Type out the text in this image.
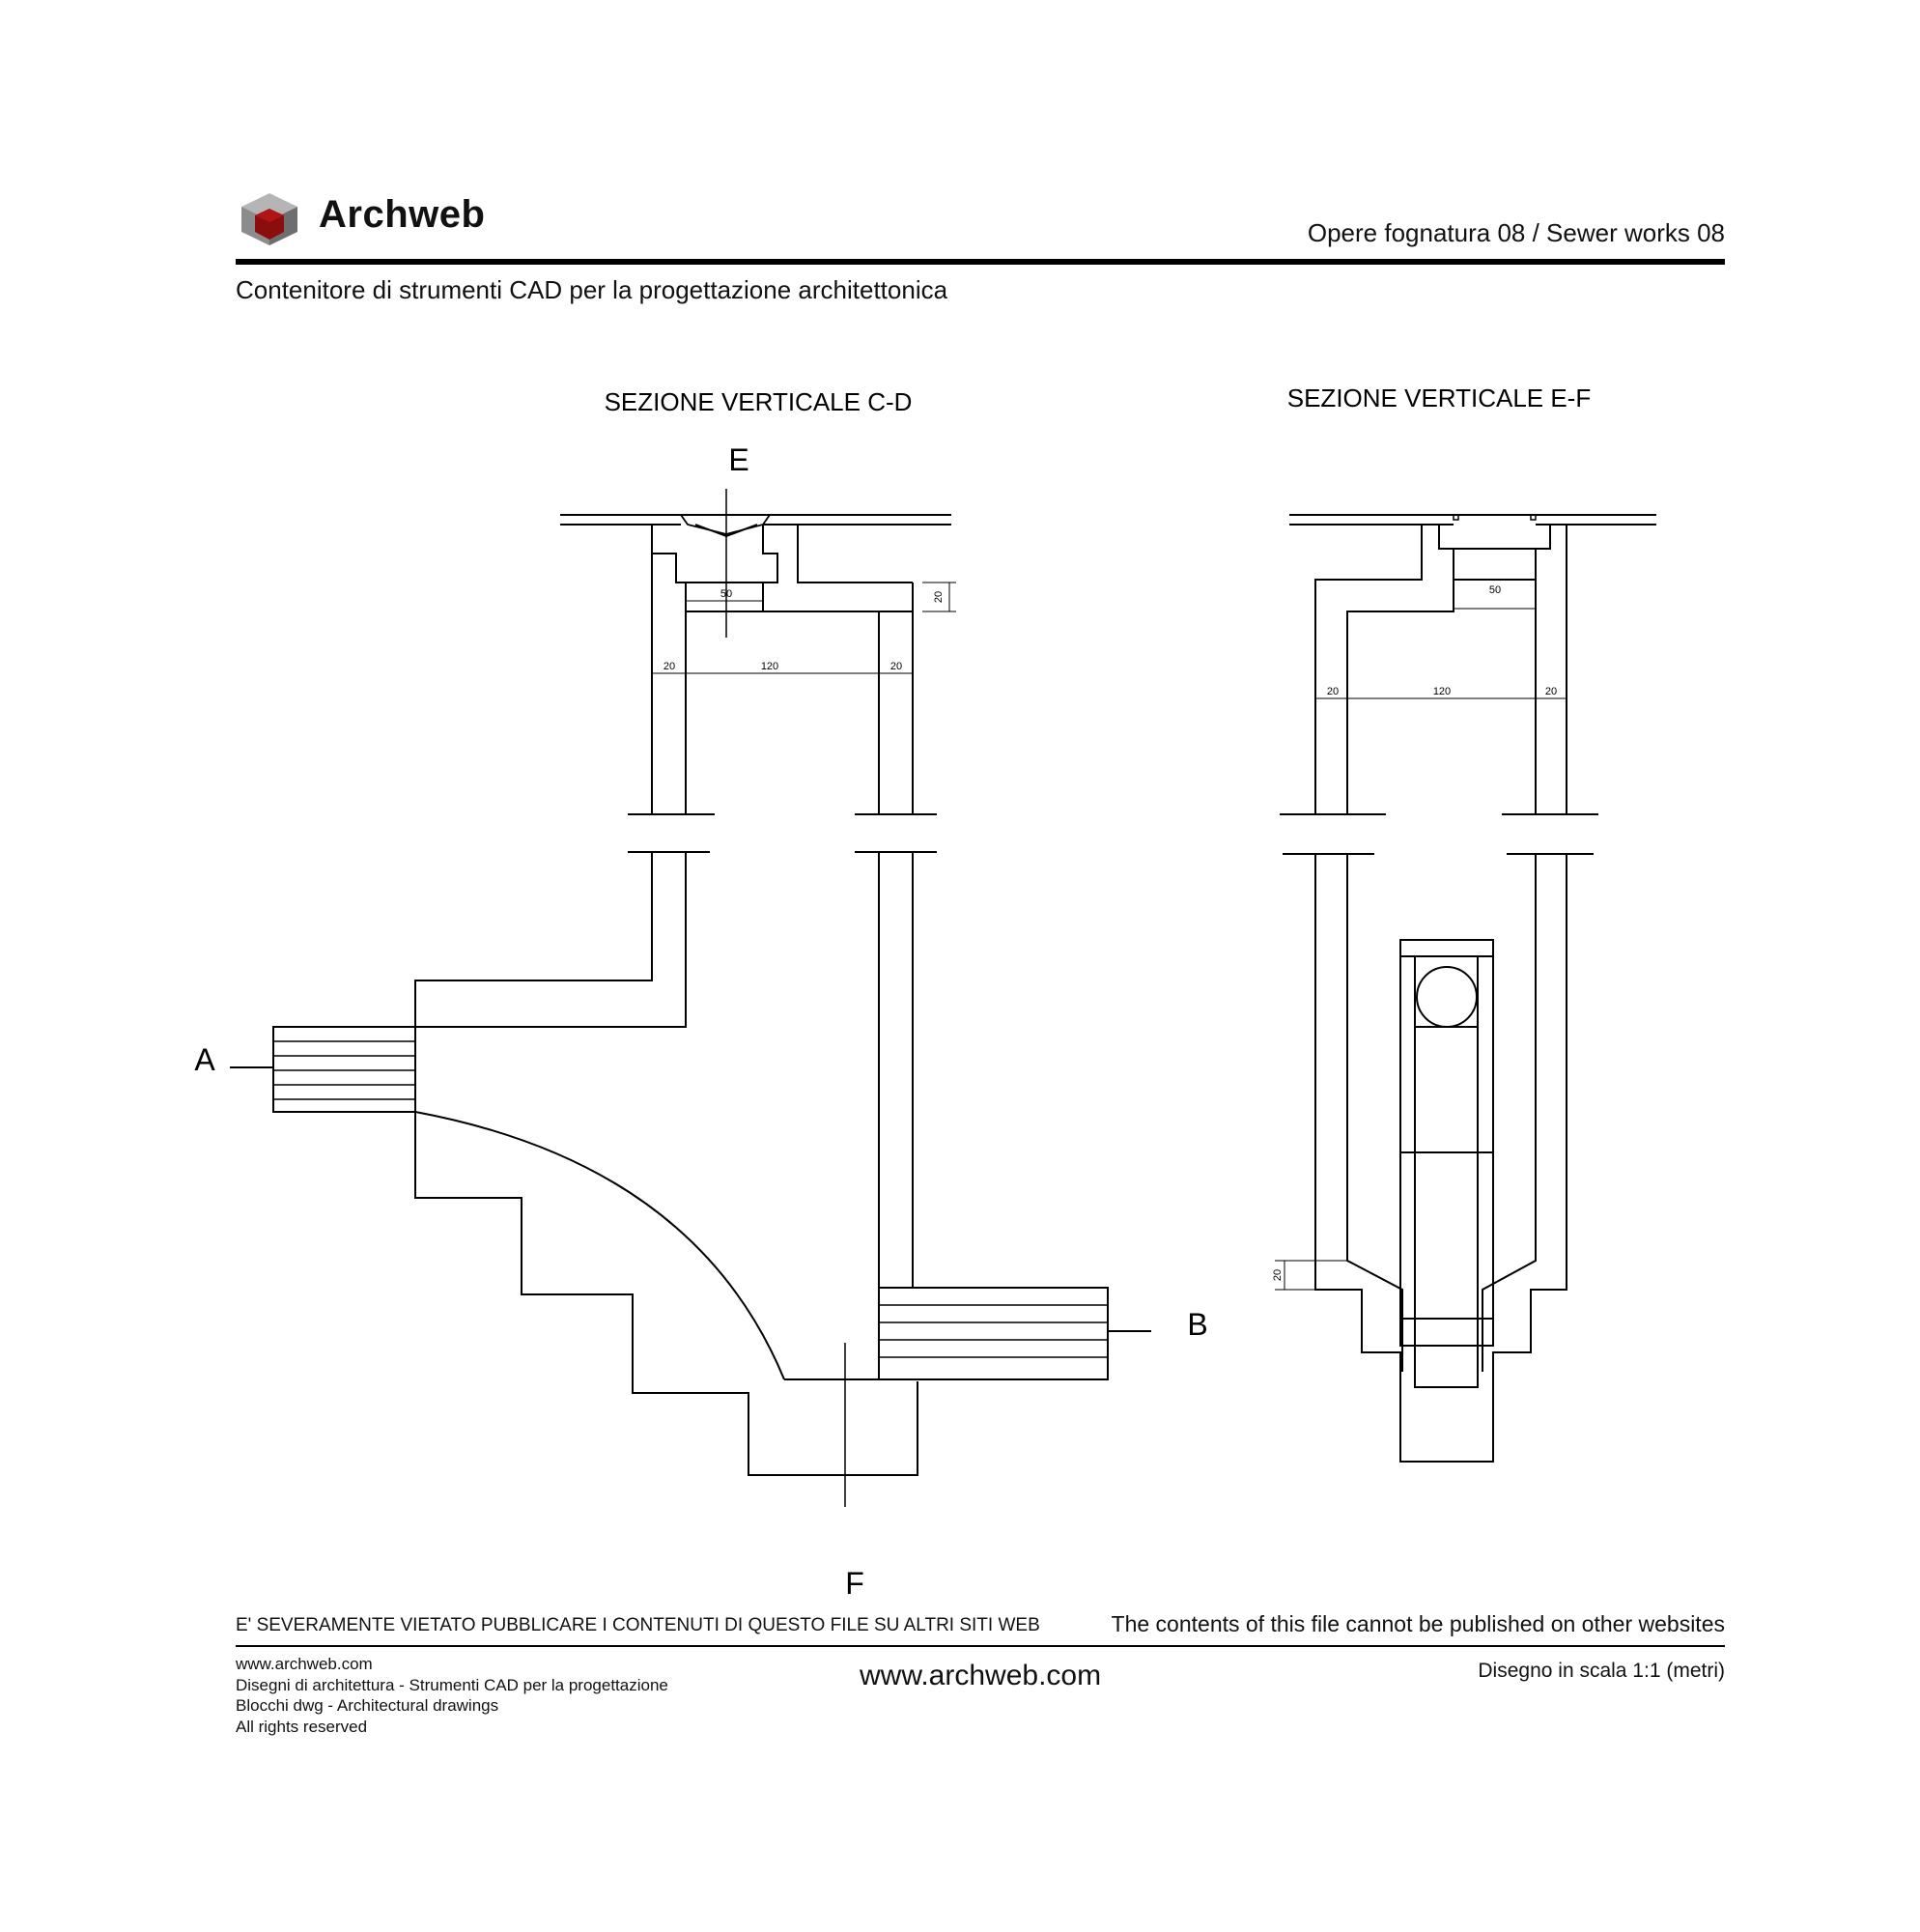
Archweb	Opere fognatura 08 / Sewer works 08
Contenitore di strumenti CAD per la progettazione architettonica
SEZIONE VERTICALE C-D	SEZIONE VERTICALE E-F
E
F
A
B
50	20
20	120	20
50
20	120	20
20
E' SEVERAMENTE VIETATO PUBBLICARE I CONTENUTI DI QUESTO FILE SU ALTRI SITI WEB	The contents of this file cannot be published on other websites
www.archweb.com
Disegni di architettura - Strumenti CAD per la progettazione
Blocchi dwg - Architectural drawings
All rights reserved
www.archweb.com	Disegno in scala 1:1 (metri)
